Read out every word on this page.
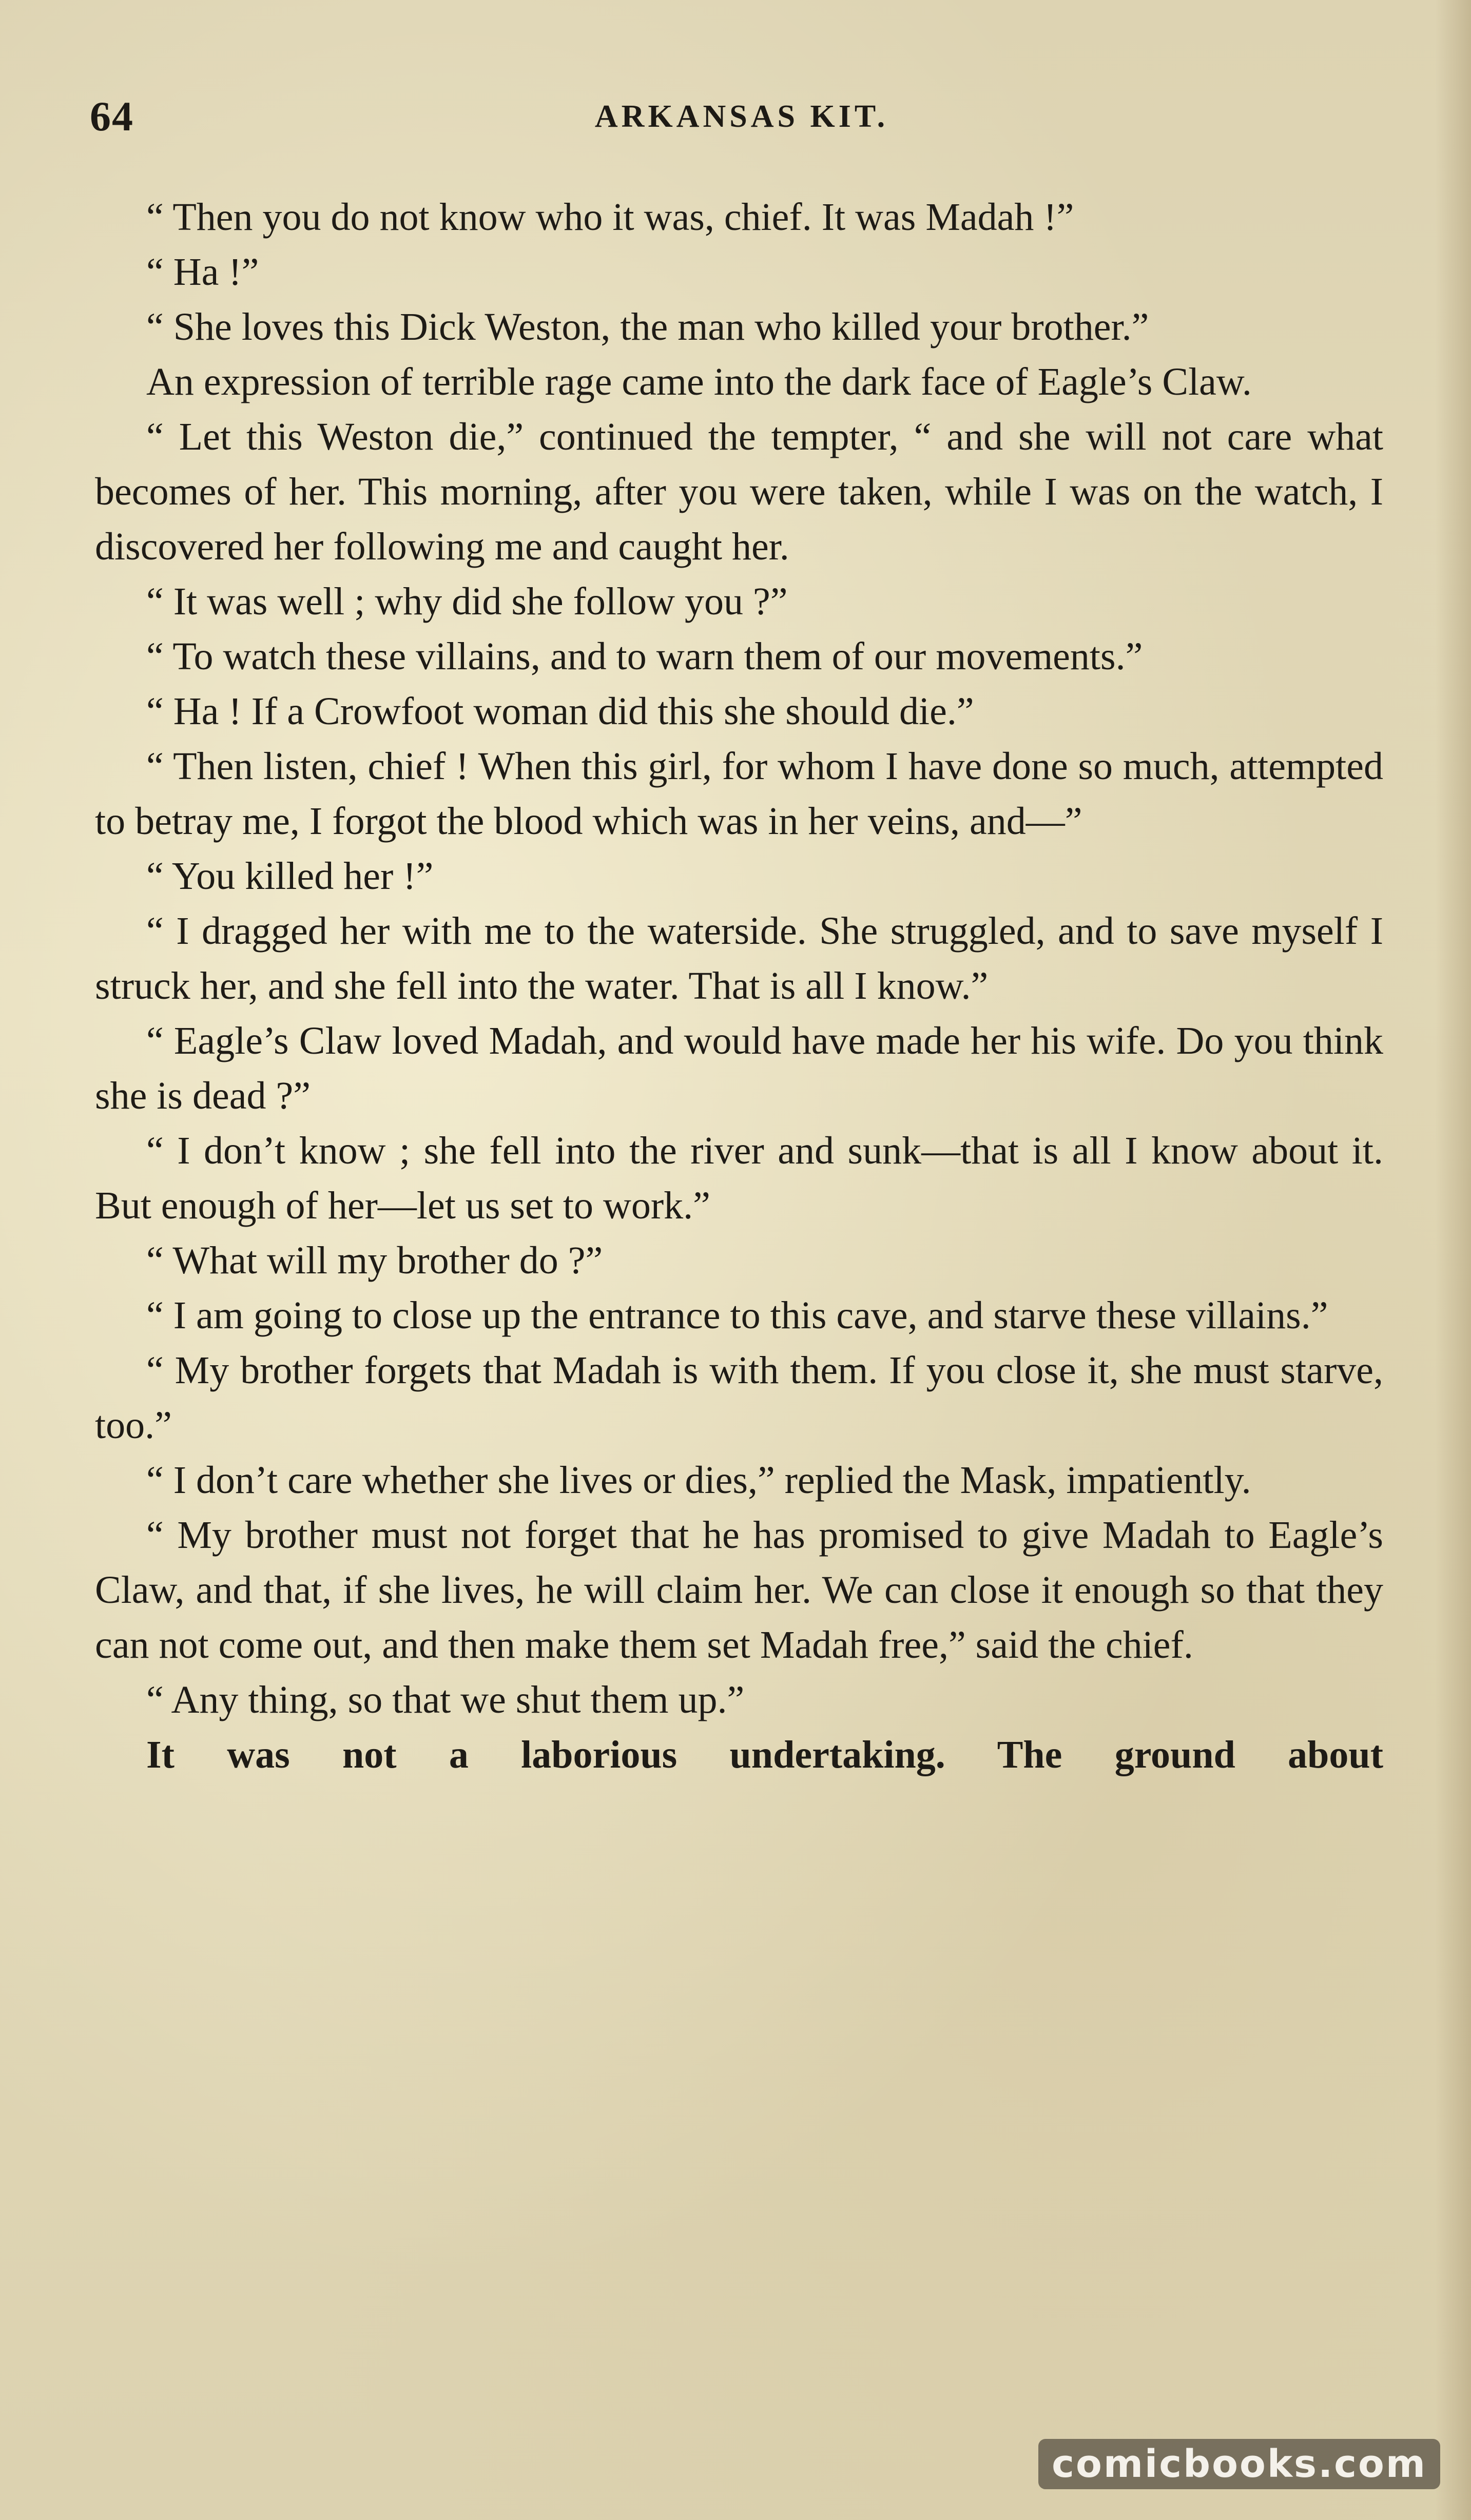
64	ARKANSAS KIT.

“ Then you do not know who it was, chief. It was Madah !”

“ Ha !”

“ She loves this Dick Weston, the man who killed your brother.”

An expression of terrible rage came into the dark face of Eagle’s Claw.

“ Let this Weston die,” continued the tempter, “ and she will not care what becomes of her. This morning, after you were taken, while I was on the watch, I discovered her following me and caught her.

“ It was well ; why did she follow you ?”

“ To watch these villains, and to warn them of our movements.”

“ Ha ! If a Crowfoot woman did this she should die.”

“ Then listen, chief ! When this girl, for whom I have done so much, attempted to betray me, I forgot the blood which was in her veins, and—”

“ You killed her !”

“ I dragged her with me to the waterside. She struggled, and to save myself I struck her, and she fell into the water. That is all I know.”

“ Eagle’s Claw loved Madah, and would have made her his wife. Do you think she is dead ?”

“ I don’t know ; she fell into the river and sunk—that is all I know about it. But enough of her—let us set to work.”

“ What will my brother do ?”

“ I am going to close up the entrance to this cave, and starve these villains.”

“ My brother forgets that Madah is with them. If you close it, she must starve, too.”

“ I don’t care whether she lives or dies,” replied the Mask, impatiently.

“ My brother must not forget that he has promised to give Madah to Eagle’s Claw, and that, if she lives, he will claim her. We can close it enough so that they can not come out, and then make them set Madah free,” said the chief.

“ Any thing, so that we shut them up.”

It was not a laborious undertaking. The ground about

comicbooks.com
